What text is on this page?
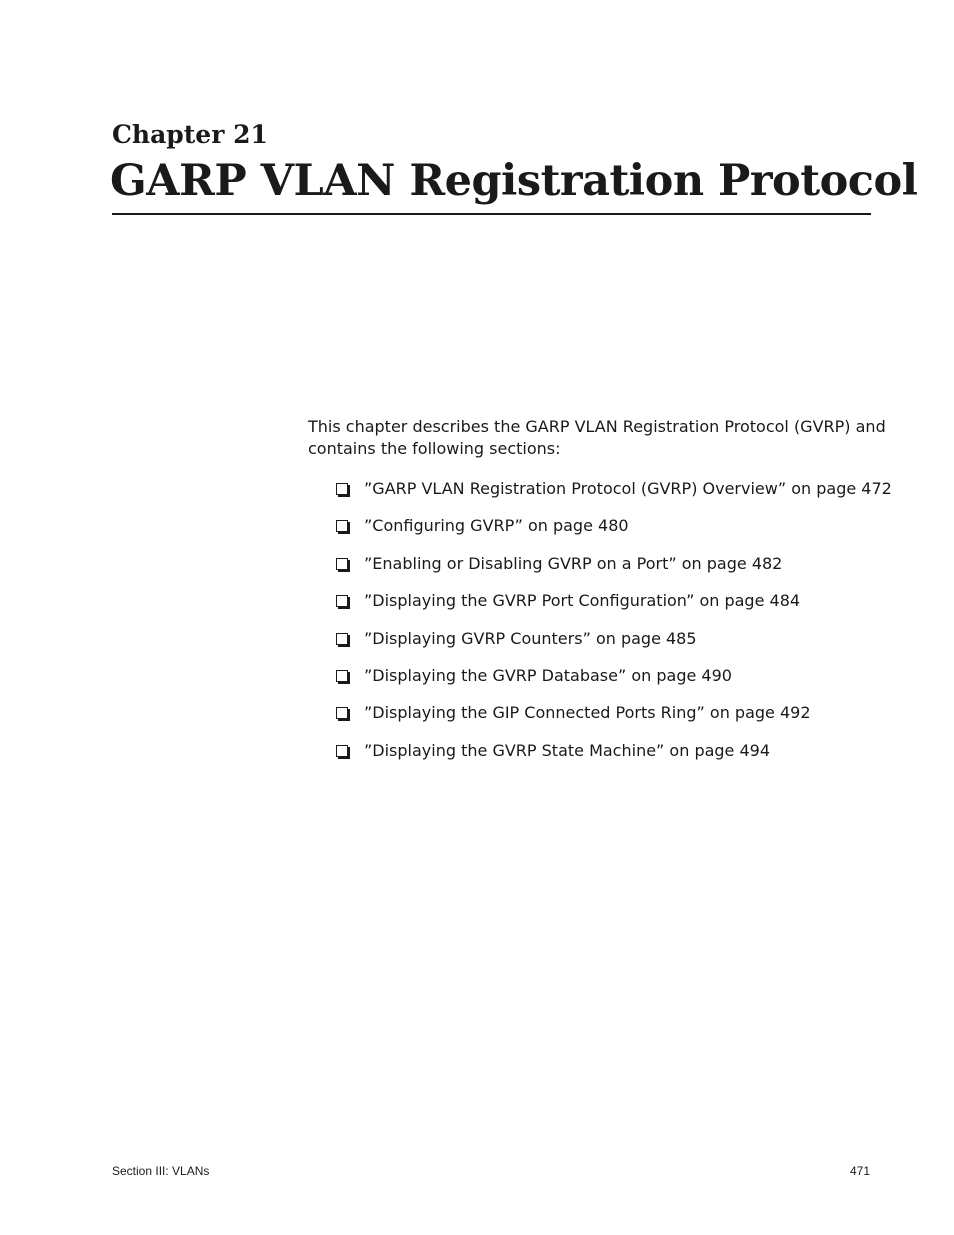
Chapter 21
GARP VLAN Registration Protocol

This chapter describes the GARP VLAN Registration Protocol (GVRP) and
contains the following sections:

”GARP VLAN Registration Protocol (GVRP) Overview” on page 472
”Configuring GVRP” on page 480
”Enabling or Disabling GVRP on a Port” on page 482
”Displaying the GVRP Port Configuration” on page 484
”Displaying GVRP Counters” on page 485
”Displaying the GVRP Database” on page 490
”Displaying the GIP Connected Ports Ring” on page 492
”Displaying the GVRP State Machine” on page 494
Section III: VLANs	471
